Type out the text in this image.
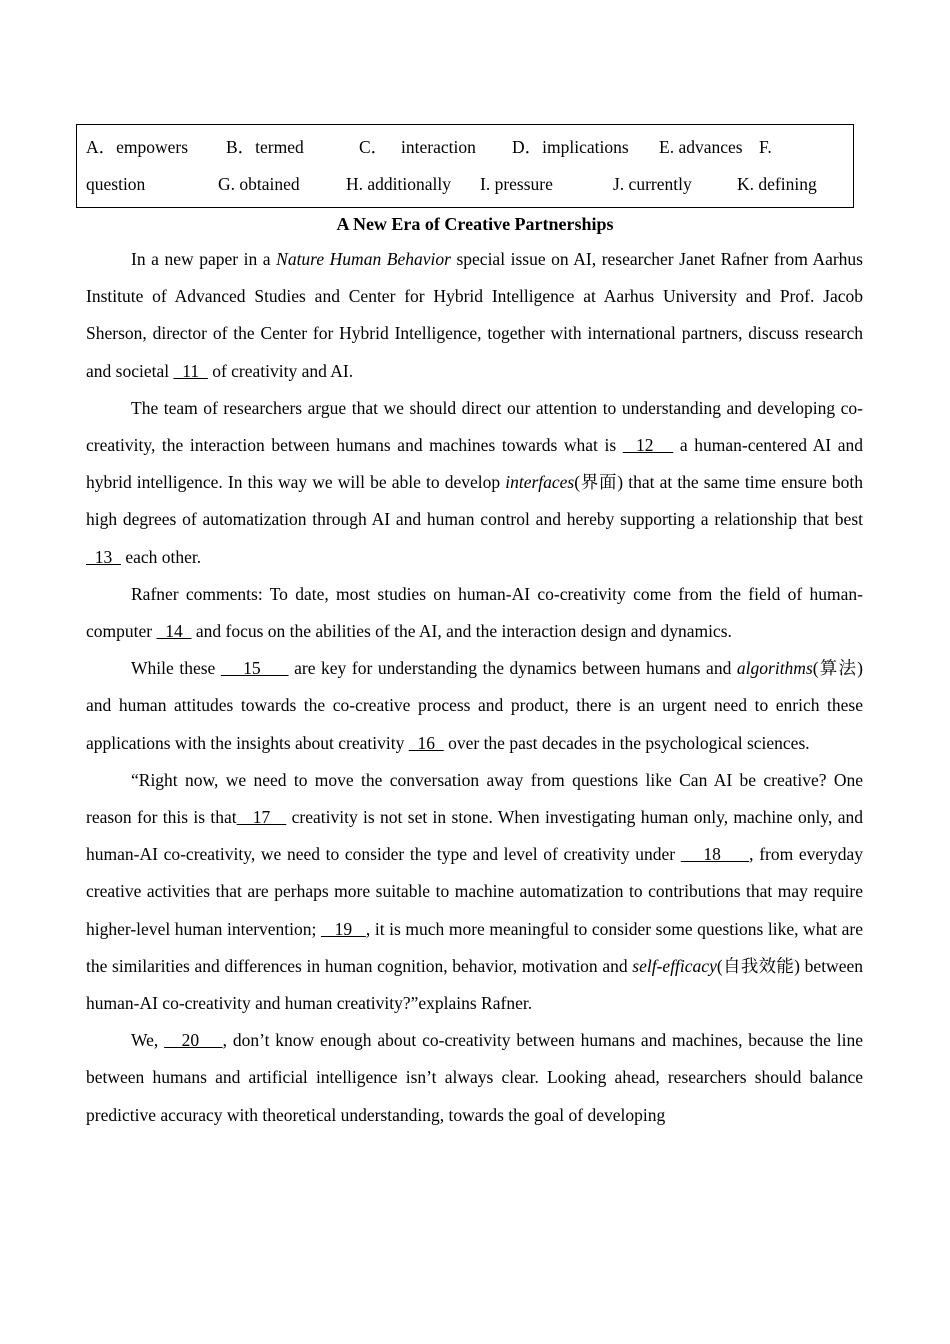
A．empowers B．termed	C． interaction D．implications E. advances F.
question	G. obtained	H. additionally I. pressure	J. currently	K. defining
A New Era of Creative Partnerships

In a new paper in a Nature Human Behavior special issue on AI, researcher Janet Rafner from Aarhus Institute of Advanced Studies and Center for Hybrid Intelligence at Aarhus University and Prof. Jacob Sherson, director of the Center for Hybrid Intelligence, together with international partners, discuss research and societal   11   of creativity and AI.

The team of researchers argue that we should direct our attention to understanding and developing co-creativity, the interaction between humans and machines towards what is   12    a human-centered AI and hybrid intelligence. In this way we will be able to develop interfaces(界面) that at the same time ensure both high degrees of automatization through AI and human control and hereby supporting a relationship that best  13   each other.

Rafner comments: To date, most studies on human-AI co-creativity come from the field of human-computer   14   and focus on the abilities of the AI, and the interaction design and dynamics.

While these     15      are key for understanding the dynamics between humans and algorithms(算法) and human attitudes towards the co-creative process and product, there is an urgent need to enrich these applications with the insights about creativity   16   over the past decades in the psychological sciences.

“Right now, we need to move the conversation away from questions like Can AI be creative? One reason for this is that   17    creativity is not set in stone. When investigating human only, machine only, and human-AI co-creativity, we need to consider the type and level of creativity under     18     , from everyday creative activities that are perhaps more suitable to machine automatization to contributions that may require higher-level human intervention;    19   , it is much more meaningful to consider some questions like, what are the similarities and differences in human cognition, behavior, motivation and self-efficacy(自我效能) between human-AI co-creativity and human creativity?”explains Rafner.

We,    20    , don’t know enough about co-creativity between humans and machines, because the line between humans and artificial intelligence isn’t always clear. Looking ahead, researchers should balance predictive accuracy with theoretical understanding, towards the goal of developing
